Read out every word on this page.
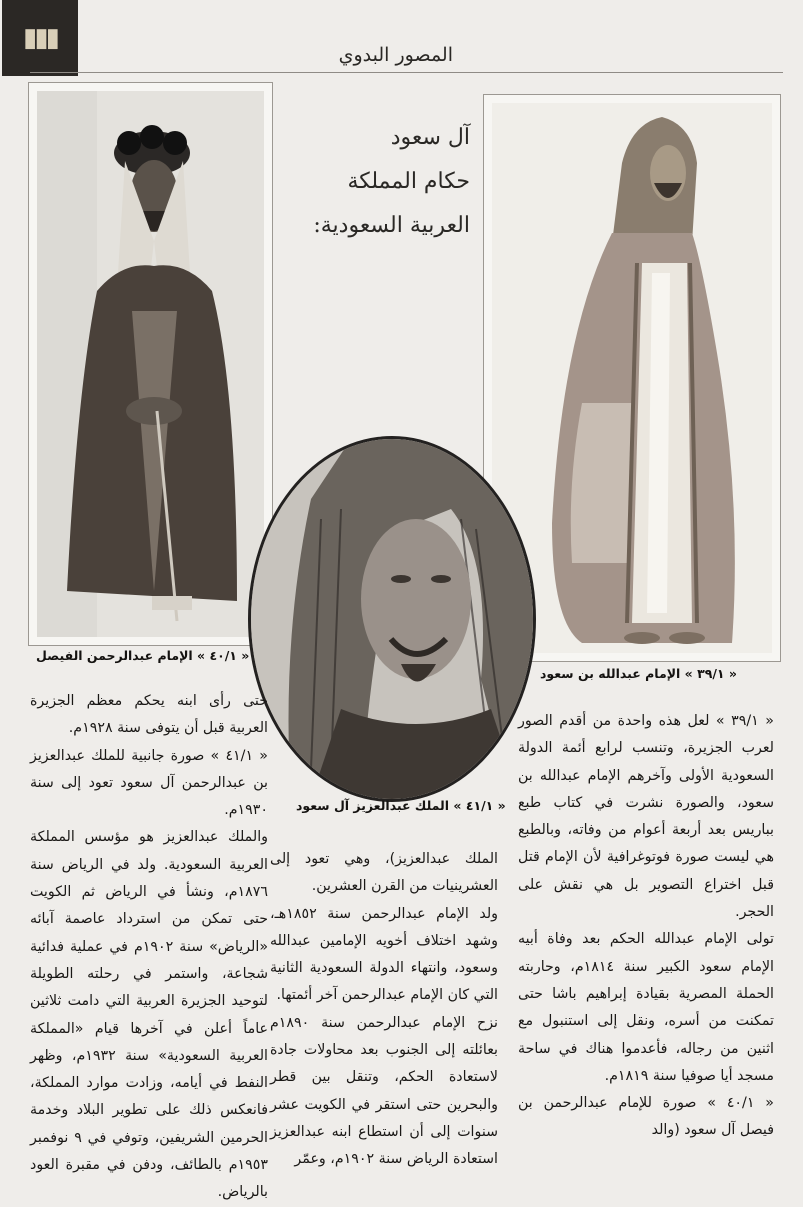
▮▮▮
المصور البدوي
آل سعود
حكام المملكة
العربية السعودية:
« ٤٠/١ » الإمام عبدالرحمن الفيصل
« ٣٩/١ » الإمام عبدالله بن سعود
« ٤١/١ » الملك عبدالعزيز آل سعود

« ٣٩/١ » لعل هذه واحدة من أقدم الصور لعرب الجزيرة، وتنسب لرابع أئمة الدولة السعودية الأولى وآخرهم الإمام عبدالله بن سعود، والصورة نشرت في كتاب طبع بباريس بعد أربعة أعوام من وفاته، وبالطبع هي ليست صورة فوتوغرافية لأن الإمام قتل قبل اختراع التصوير بل هي نقش على الحجر.

تولى الإمام عبدالله الحكم بعد وفاة أبيه الإمام سعود الكبير سنة ١٨١٤م، وحاربته الحملة المصرية بقيادة إبراهيم باشا حتى تمكنت من أسره، ونقل إلى استنبول مع اثنين من رجاله، فأعدموا هناك في ساحة مسجد أيا صوفيا سنة ١٨١٩م.

« ٤٠/١ » صورة للإمام عبدالرحمن بن فيصل آل سعود (والد

الملك عبدالعزيز)، وهي تعود إلى العشرينيات من القرن العشرين.

ولد الإمام عبدالرحمن سنة ١٨٥٢هـ، وشهد اختلاف أخويه الإمامين عبدالله وسعود، وانتهاء الدولة السعودية الثانية التي كان الإمام عبدالرحمن آخر أئمتها.

نزح الإمام عبدالرحمن سنة ١٨٩٠م بعائلته إلى الجنوب بعد محاولات جادة لاستعادة الحكم، وتنقل بين قطر والبحرين حتى استقر في الكويت عشر سنوات إلى أن استطاع ابنه عبدالعزيز استعادة الرياض سنة ١٩٠٢م، وعمّر

حتى رأى ابنه يحكم معظم الجزيرة العربية قبل أن يتوفى سنة ١٩٢٨م.

« ٤١/١ » صورة جانبية للملك عبدالعزيز بن عبدالرحمن آل سعود تعود إلى سنة ١٩٣٠م.

والملك عبدالعزيز هو مؤسس المملكة العربية السعودية. ولد في الرياض سنة ١٨٧٦م، ونشأ في الرياض ثم الكويت حتى تمكن من استرداد عاصمة آبائه «الرياض» سنة ١٩٠٢م في عملية فدائية شجاعة، واستمر في رحلته الطويلة لتوحيد الجزيرة العربية التي دامت ثلاثين عاماً أعلن في آخرها قيام «المملكة العربية السعودية» سنة ١٩٣٢م، وظهر النفط في أيامه، وزادت موارد المملكة، فانعكس ذلك على تطوير البلاد وخدمة الحرمين الشريفين، وتوفي في ٩ نوفمبر ١٩٥٣م بالطائف، ودفن في مقبرة العود بالرياض.
